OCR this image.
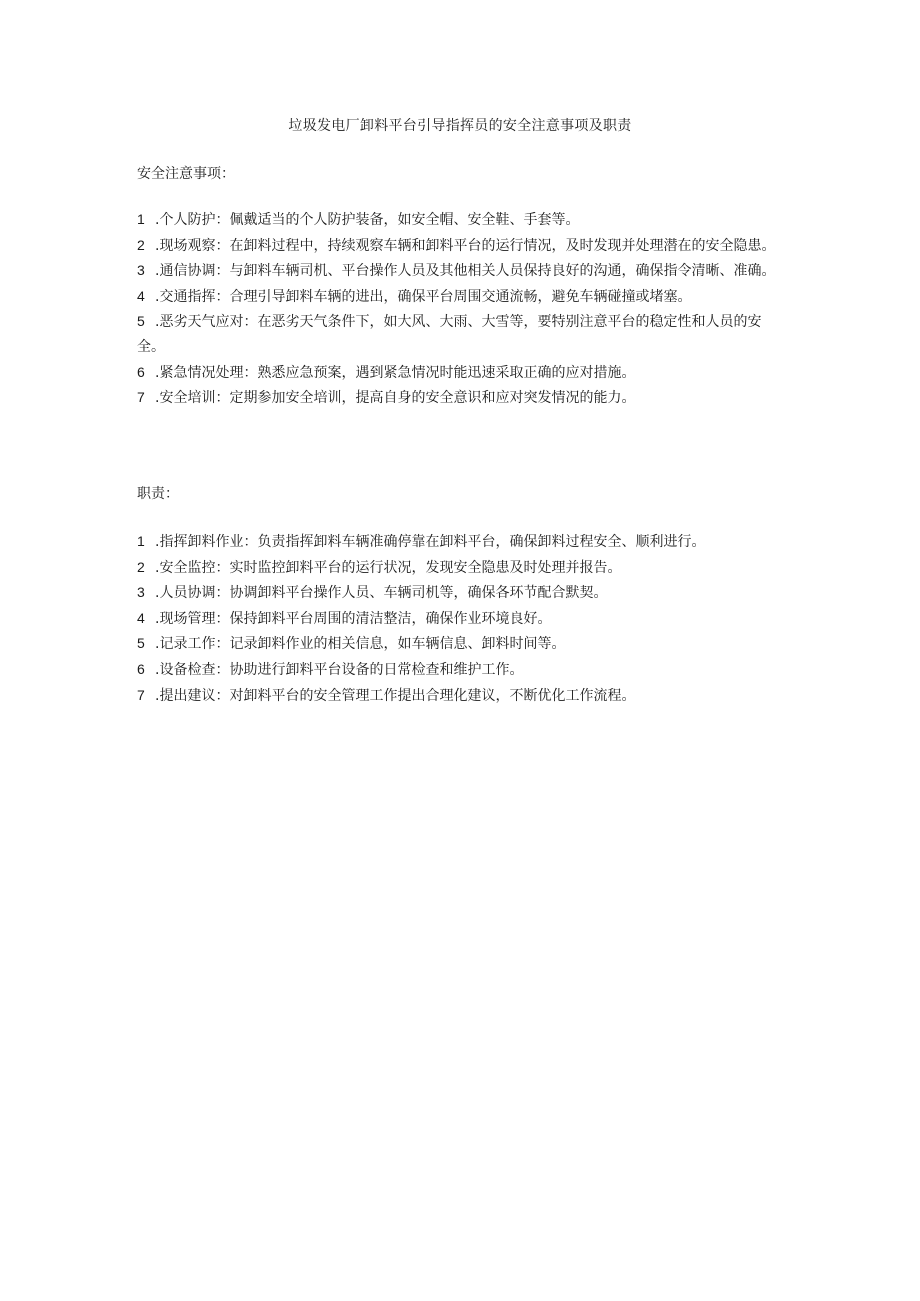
垃圾发电厂卸料平台引导指挥员的安全注意事项及职责
安全注意事项：
1 .个人防护：佩戴适当的个人防护装备，如安全帽、安全鞋、手套等。
2 .现场观察：在卸料过程中，持续观察车辆和卸料平台的运行情况，及时发现并处理潜在的安全隐患。
3 .通信协调：与卸料车辆司机、平台操作人员及其他相关人员保持良好的沟通，确保指令清晰、准确。
4 .交通指挥：合理引导卸料车辆的进出，确保平台周围交通流畅，避免车辆碰撞或堵塞。
5 .恶劣天气应对：在恶劣天气条件下，如大风、大雨、大雪等，要特别注意平台的稳定性和人员的安全。
6 .紧急情况处理：熟悉应急预案，遇到紧急情况时能迅速采取正确的应对措施。
7 .安全培训：定期参加安全培训，提高自身的安全意识和应对突发情况的能力。
职责：
1 .指挥卸料作业：负责指挥卸料车辆准确停靠在卸料平台，确保卸料过程安全、顺利进行。
2 .安全监控：实时监控卸料平台的运行状况，发现安全隐患及时处理并报告。
3 .人员协调：协调卸料平台操作人员、车辆司机等，确保各环节配合默契。
4 .现场管理：保持卸料平台周围的清洁整洁，确保作业环境良好。
5 .记录工作：记录卸料作业的相关信息，如车辆信息、卸料时间等。
6 .设备检查：协助进行卸料平台设备的日常检查和维护工作。
7 .提出建议：对卸料平台的安全管理工作提出合理化建议，不断优化工作流程。
